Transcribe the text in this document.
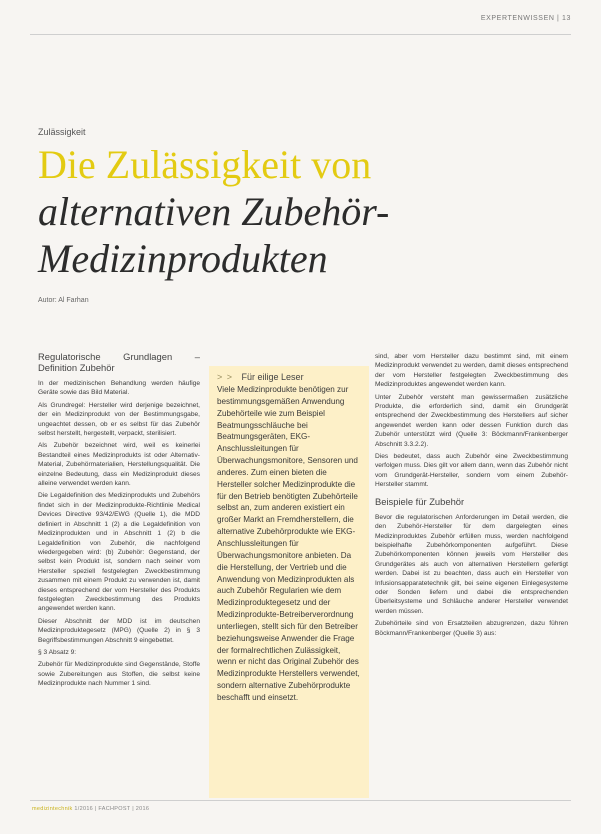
EXPERTENWISSEN | 13
Zulässigkeit
Die Zulässigkeit von
alternativen Zubehör-
Medizinprodukten
Autor: Al Farhan
Regulatorische Grundlagen – Definition Zubehör

In der medizinischen Behandlung werden häufige Geräte sowie das Bild Material.

Als Grundregel: Hersteller wird derjenige bezeichnet, der ein Medizinprodukt von der Bestimmungsgabe, ungeachtet dessen, ob er es selbst für das Zubehör selbst herstellt, hergestellt, verpackt, sterilisiert.

Als Zubehör bezeichnet wird, weil es keinerlei Bestandteil eines Medizinprodukts ist oder Alternativ-Material, Zubehörmaterialien, Herstellungsqualität. Die einzelne Bedeutung, dass ein Medizinprodukt dieses alleine verwendet werden kann.

Die Legaldefinition des Medizinprodukts und Zubehörs findet sich in der Medizinprodukte-Richtlinie Medical Devices Directive 93/42/EWG (Quelle 1), die MDD definiert in Abschnitt 1 (2) a die Legaldefinition von Medizinprodukten und in Abschnitt 1 (2) b die Legaldefinition von Zubehör, die nachfolgend wiedergegeben wird: (b) Zubehör: Gegenstand, der selbst kein Produkt ist, sondern nach seiner vom Hersteller speziell festgelegten Zweckbestimmung zusammen mit einem Produkt zu verwenden ist, damit dieses entsprechend der vom Hersteller des Produkts festgelegten Zweckbestimmung des Produkts angewendet werden kann.

Dieser Abschnitt der MDD ist im deutschen Medizinproduktegesetz (MPG) (Quelle 2) in § 3 Begriffsbestimmungen Abschnitt 9 eingebettet.

§ 3 Absatz 9:

Zubehör für Medizinprodukte sind Gegenstände, Stoffe sowie Zubereitungen aus Stoffen, die selbst keine Medizinprodukte nach Nummer 1 sind.

> > Für eilige Leser

Viele Medizinprodukte benötigen zur bestimmungsgemäßen Anwendung Zubehörteile wie zum Beispiel Beatmungsschläuche bei Beatmungsgeräten, EKG-Anschlussleitungen für Überwachungsmonitore, Sensoren und anderes. Zum einen bieten die Hersteller solcher Medizinprodukte die für den Betrieb benötigten Zubehörteile selbst an, zum anderen existiert ein großer Markt an Fremdherstellern, die alternative Zubehörprodukte wie EKG-Anschlussleitungen für Überwachungsmonitore anbieten. Da die Herstellung, der Vertrieb und die Anwendung von Medizinprodukten als auch Zubehör Regularien wie dem Medizinproduktegesetz und der Medizinprodukte-Betreiberverordnung unterliegen, stellt sich für den Betreiber beziehungsweise Anwender die Frage der formalrechtlichen Zulässigkeit, wenn er nicht das Original Zubehör des Medizinprodukte Herstellers verwendet, sondern alternative Zubehörprodukte beschafft und einsetzt.

sind, aber vom Hersteller dazu bestimmt sind, mit einem Medizinprodukt verwendet zu werden, damit dieses entsprechend der vom Hersteller festgelegten Zweckbestimmung des Medizinproduktes angewendet werden kann.

Unter Zubehör versteht man gewissermaßen zusätzliche Produkte, die erforderlich sind, damit ein Grundgerät entsprechend der Zweckbestimmung des Herstellers auf sicher angewendet werden kann oder dessen Funktion durch das Zubehör unterstützt wird (Quelle 3: Böckmann/Frankenberger Abschnitt 3.3.2.2).

Dies bedeutet, dass auch Zubehör eine Zweckbestimmung verfolgen muss. Dies gilt vor allem dann, wenn das Zubehör nicht vom Grundgerät-Hersteller, sondern vom einem Zubehör-Hersteller stammt.

Beispiele für Zubehör

Bevor die regulatorischen Anforderungen im Detail werden, die den Zubehör-Hersteller für dem dargelegten eines Medizinproduktes Zubehör erfüllen muss, werden nachfolgend beispielhafte Zubehörkomponenten aufgeführt. Diese Zubehörkomponenten können jeweils vom Hersteller des Grundgerätes als auch von alternativen Herstellern gefertigt werden. Dabei ist zu beachten, dass auch ein Hersteller von Infusionsapparatetechnik gilt, bei seine eigenen Einlegesysteme oder Sonden liefern und dabei die entsprechenden Überleitsysteme und Schläuche anderer Hersteller verwendet werden müssen.

Zubehörteile sind von Ersatzteilen abzugrenzen, dazu führen Böckmann/Frankenberger (Quelle 3) aus:

medizintechnik 1/2016 | FACHPOST | 2016
